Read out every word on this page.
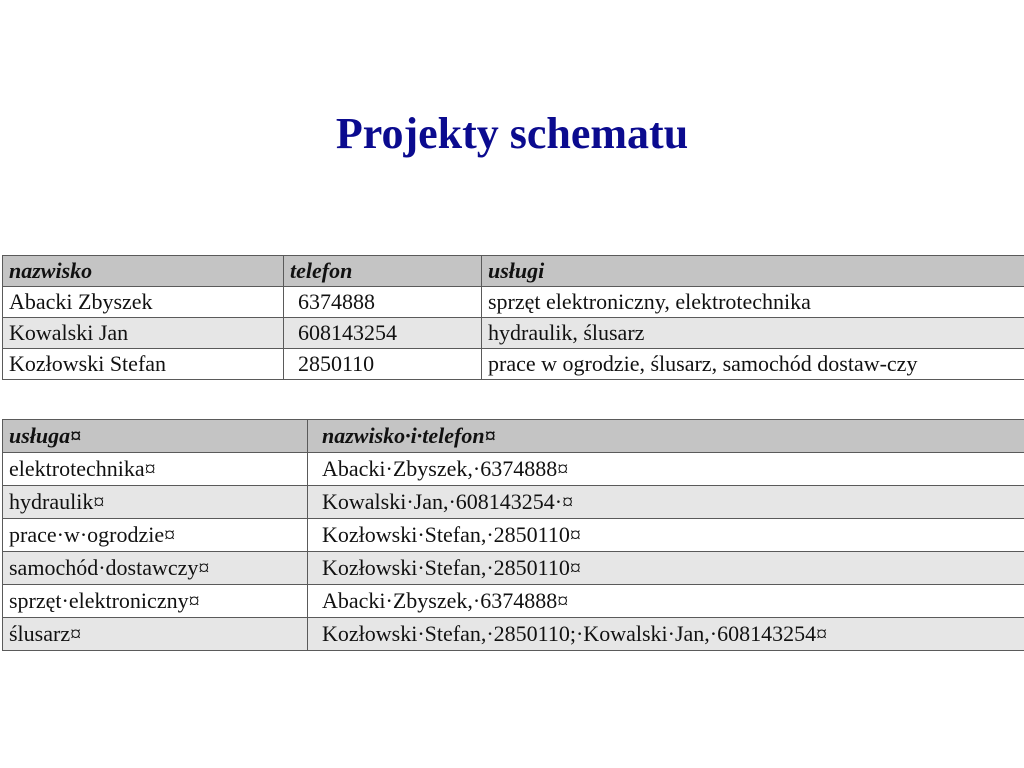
Projekty schematu
nazwisko	telefon	usługi
Abacki Zbyszek	6374888	sprzęt elektroniczny, elektrotechnika
Kowalski Jan	608143254	hydraulik, ślusarz
Kozłowski Stefan	2850110	prace w ogrodzie, ślusarz, samochód dostaw-czy
usługa¤	nazwisko·i·telefon¤
elektrotechnika¤	Abacki·Zbyszek,·6374888¤
hydraulik¤	Kowalski·Jan,·608143254·¤
prace·w·ogrodzie¤	Kozłowski·Stefan,·2850110¤
samochód·dostawczy¤	Kozłowski·Stefan,·2850110¤
sprzęt·elektroniczny¤	Abacki·Zbyszek,·6374888¤
ślusarz¤	Kozłowski·Stefan,·2850110;·Kowalski·Jan,·608143254¤
